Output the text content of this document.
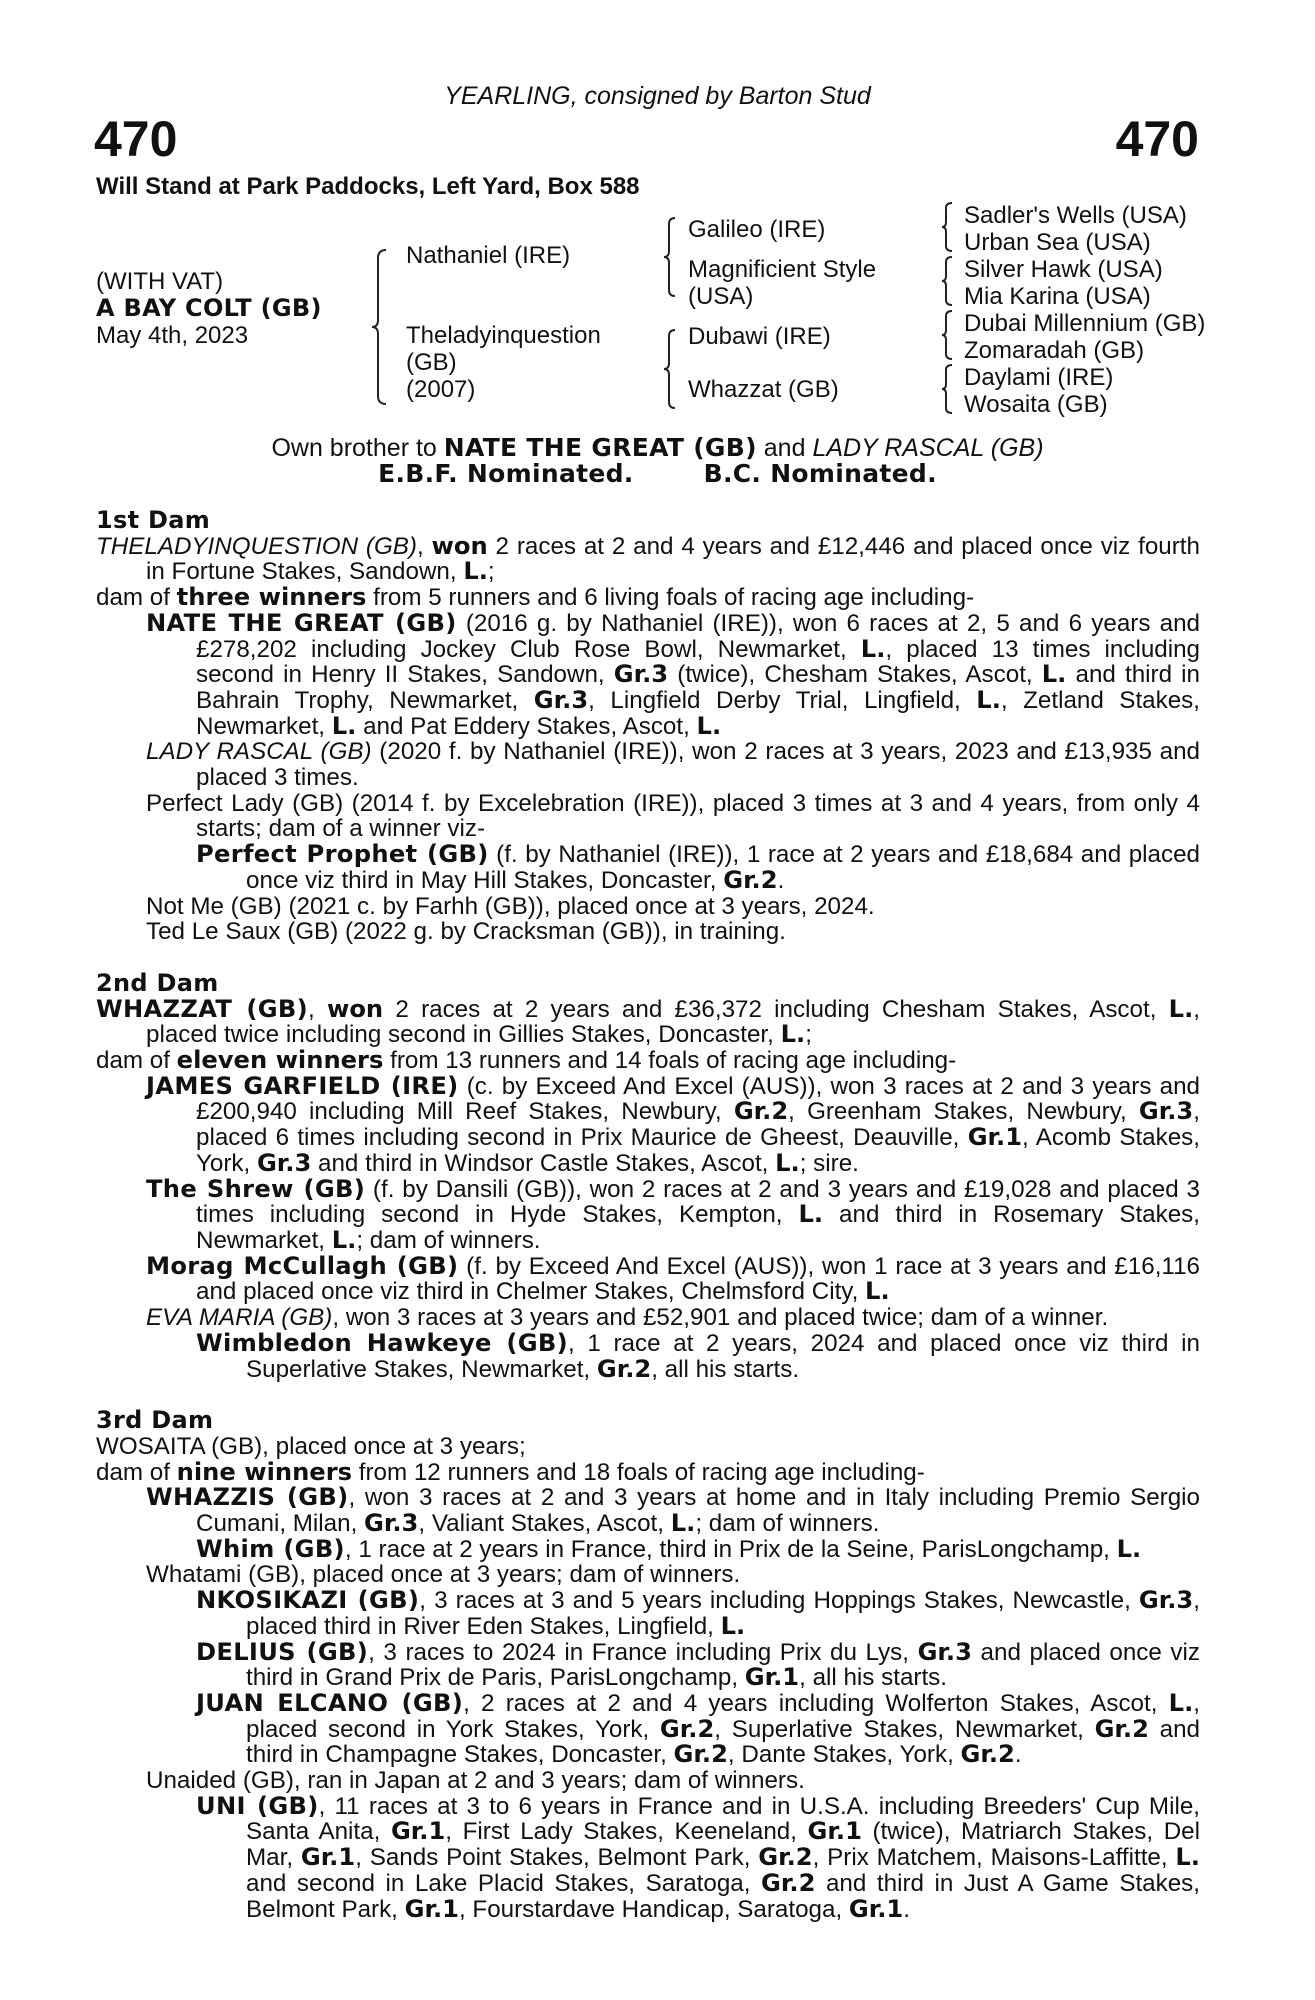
YEARLING, consigned by Barton Stud
470	470
Will Stand at Park Paddocks, Left Yard, Box 588
(WITH VAT)
A BAY COLT (GB)
May 4th, 2023
Nathaniel (IRE)
Theladyinquestion
(GB)
(2007)
Galileo (IRE)
Magnificient Style
(USA)
Dubawi (IRE)
Whazzat (GB)
Sadler's Wells (USA)
Urban Sea (USA)
Silver Hawk (USA)
Mia Karina (USA)
Dubai Millennium (GB)
Zomaradah (GB)
Daylami (IRE)
Wosaita (GB)
Own brother to NATE THE GREAT (GB) and LADY RASCAL (GB)
E.B.F. Nominated.	B.C. Nominated.

1st Dam

THELADYINQUESTION (GB), won 2 races at 2 and 4 years and £12,446 and placed once viz fourth in Fortune Stakes, Sandown, L.;

dam of three winners from 5 runners and 6 living foals of racing age including-

NATE THE GREAT (GB) (2016 g. by Nathaniel (IRE)), won 6 races at 2, 5 and 6 years and £278,202 including Jockey Club Rose Bowl, Newmarket, L., placed 13 times including second in Henry II Stakes, Sandown, Gr.3 (twice), Chesham Stakes, Ascot, L. and third in Bahrain Trophy, Newmarket, Gr.3, Lingfield Derby Trial, Lingfield, L., Zetland Stakes, Newmarket, L. and Pat Eddery Stakes, Ascot, L.

LADY RASCAL (GB) (2020 f. by Nathaniel (IRE)), won 2 races at 3 years, 2023 and £13,935 and placed 3 times.

Perfect Lady (GB) (2014 f. by Excelebration (IRE)), placed 3 times at 3 and 4 years, from only 4 starts; dam of a winner viz-

Perfect Prophet (GB) (f. by Nathaniel (IRE)), 1 race at 2 years and £18,684 and placed once viz third in May Hill Stakes, Doncaster, Gr.2.

Not Me (GB) (2021 c. by Farhh (GB)), placed once at 3 years, 2024.

Ted Le Saux (GB) (2022 g. by Cracksman (GB)), in training.

2nd Dam

WHAZZAT (GB), won 2 races at 2 years and £36,372 including Chesham Stakes, Ascot, L., placed twice including second in Gillies Stakes, Doncaster, L.;

dam of eleven winners from 13 runners and 14 foals of racing age including-

JAMES GARFIELD (IRE) (c. by Exceed And Excel (AUS)), won 3 races at 2 and 3 years and £200,940 including Mill Reef Stakes, Newbury, Gr.2, Greenham Stakes, Newbury, Gr.3, placed 6 times including second in Prix Maurice de Gheest, Deauville, Gr.1, Acomb Stakes, York, Gr.3 and third in Windsor Castle Stakes, Ascot, L.; sire.

The Shrew (GB) (f. by Dansili (GB)), won 2 races at 2 and 3 years and £19,028 and placed 3 times including second in Hyde Stakes, Kempton, L. and third in Rosemary Stakes, Newmarket, L.; dam of winners.

Morag McCullagh (GB) (f. by Exceed And Excel (AUS)), won 1 race at 3 years and £16,116 and placed once viz third in Chelmer Stakes, Chelmsford City, L.

EVA MARIA (GB), won 3 races at 3 years and £52,901 and placed twice; dam of a winner.

Wimbledon Hawkeye (GB), 1 race at 2 years, 2024 and placed once viz third in Superlative Stakes, Newmarket, Gr.2, all his starts.

3rd Dam

WOSAITA (GB), placed once at 3 years;

dam of nine winners from 12 runners and 18 foals of racing age including-

WHAZZIS (GB), won 3 races at 2 and 3 years at home and in Italy including Premio Sergio Cumani, Milan, Gr.3, Valiant Stakes, Ascot, L.; dam of winners.

Whim (GB), 1 race at 2 years in France, third in Prix de la Seine, ParisLongchamp, L.

Whatami (GB), placed once at 3 years; dam of winners.

NKOSIKAZI (GB), 3 races at 3 and 5 years including Hoppings Stakes, Newcastle, Gr.3, placed third in River Eden Stakes, Lingfield, L.

DELIUS (GB), 3 races to 2024 in France including Prix du Lys, Gr.3 and placed once viz third in Grand Prix de Paris, ParisLongchamp, Gr.1, all his starts.

JUAN ELCANO (GB), 2 races at 2 and 4 years including Wolferton Stakes, Ascot, L., placed second in York Stakes, York, Gr.2, Superlative Stakes, Newmarket, Gr.2 and third in Champagne Stakes, Doncaster, Gr.2, Dante Stakes, York, Gr.2.

Unaided (GB), ran in Japan at 2 and 3 years; dam of winners.

UNI (GB), 11 races at 3 to 6 years in France and in U.S.A. including Breeders' Cup Mile, Santa Anita, Gr.1, First Lady Stakes, Keeneland, Gr.1 (twice), Matriarch Stakes, Del Mar, Gr.1, Sands Point Stakes, Belmont Park, Gr.2, Prix Matchem, Maisons-Laffitte, L. and second in Lake Placid Stakes, Saratoga, Gr.2 and third in Just A Game Stakes, Belmont Park, Gr.1, Fourstardave Handicap, Saratoga, Gr.1.
